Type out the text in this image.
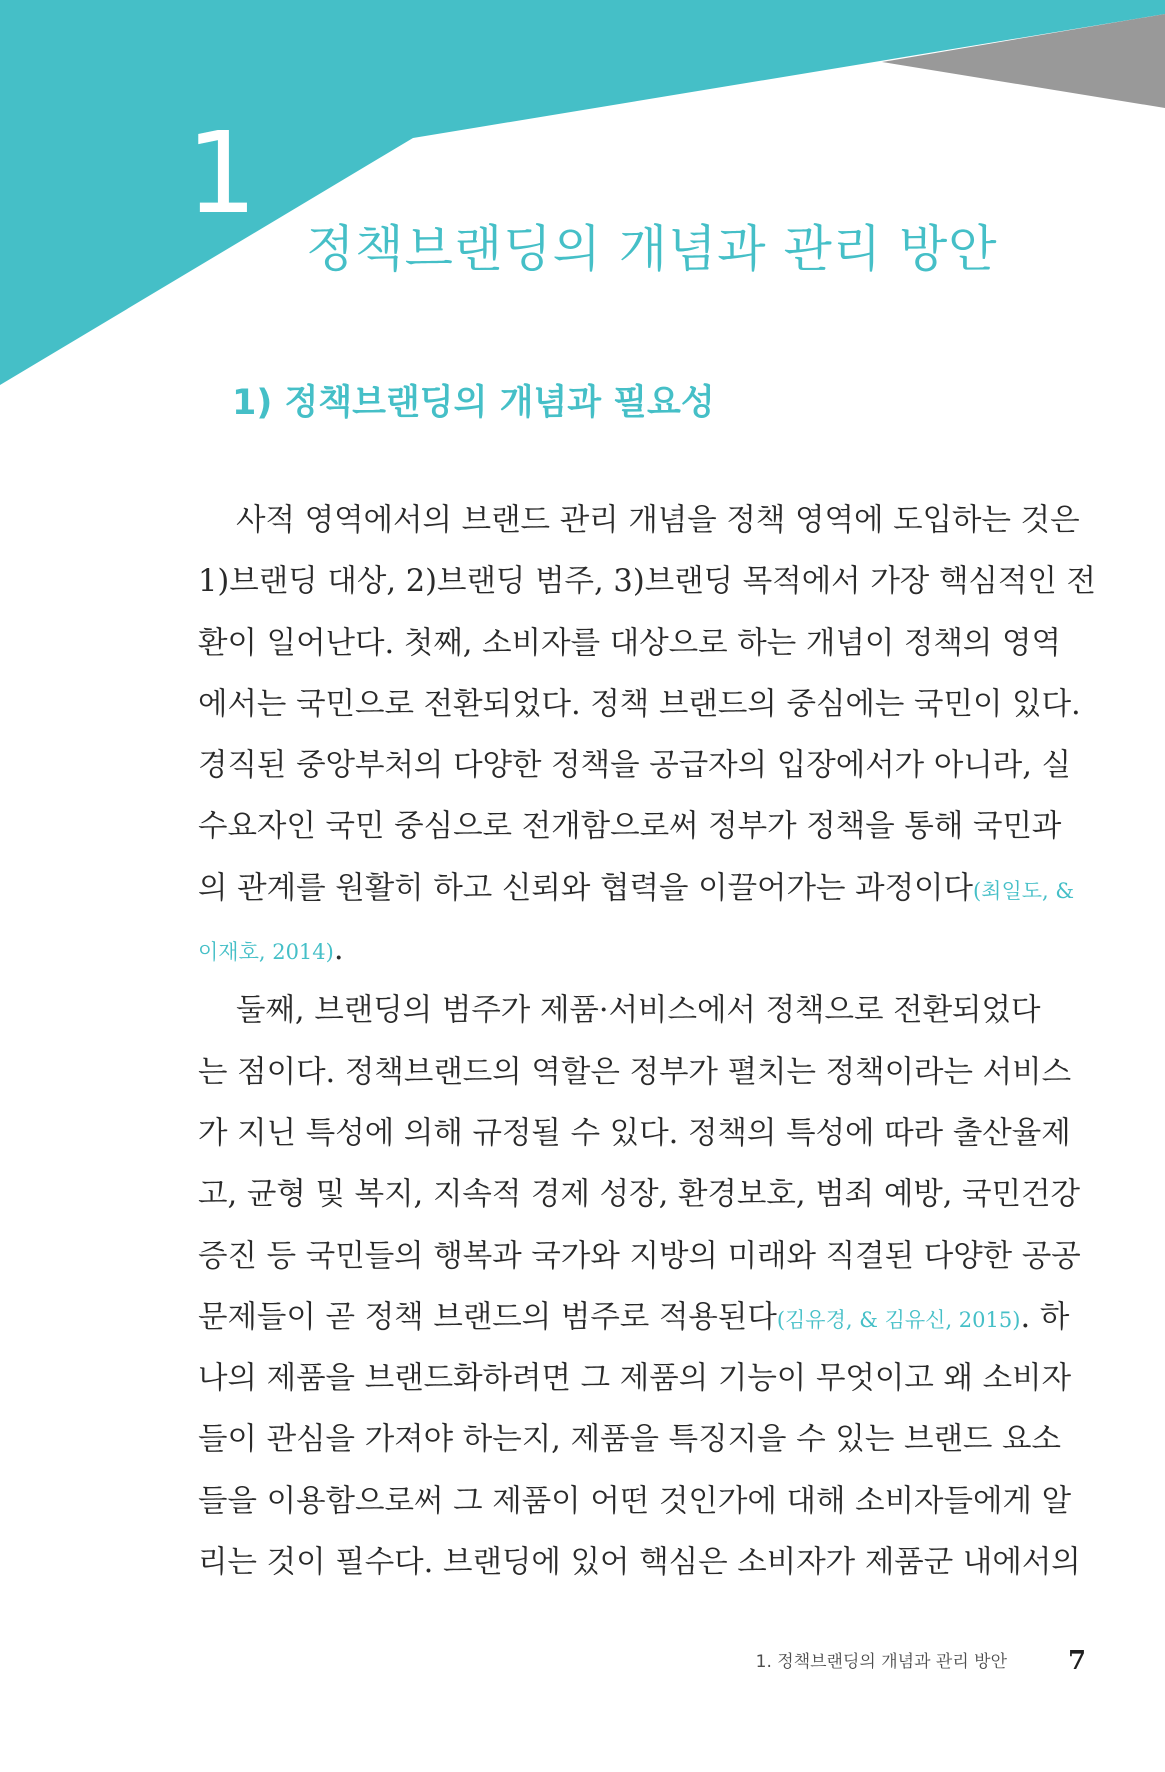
1
정책브랜딩의 개념과 관리 방안
1) 정책브랜딩의 개념과 필요성
사적 영역에서의 브랜드 관리 개념을 정책 영역에 도입하는 것은
1)브랜딩 대상, 2)브랜딩 범주, 3)브랜딩 목적에서 가장 핵심적인 전
환이 일어난다. 첫째, 소비자를 대상으로 하는 개념이 정책의 영역
에서는 국민으로 전환되었다. 정책 브랜드의 중심에는 국민이 있다.
경직된 중앙부처의 다양한 정책을 공급자의 입장에서가 아니라, 실
수요자인 국민 중심으로 전개함으로써 정부가 정책을 통해 국민과
의 관계를 원활히 하고 신뢰와 협력을 이끌어가는 과정이다(최일도, &
이재호, 2014).
둘째, 브랜딩의 범주가 제품·서비스에서 정책으로 전환되었다
는 점이다. 정책브랜드의 역할은 정부가 펼치는 정책이라는 서비스
가 지닌 특성에 의해 규정될 수 있다. 정책의 특성에 따라 출산율제
고, 균형 및 복지, 지속적 경제 성장, 환경보호, 범죄 예방, 국민건강
증진 등 국민들의 행복과 국가와 지방의 미래와 직결된 다양한 공공
문제들이 곧 정책 브랜드의 범주로 적용된다(김유경, & 김유신, 2015). 하
나의 제품을 브랜드화하려면 그 제품의 기능이 무엇이고 왜 소비자
들이 관심을 가져야 하는지, 제품을 특징지을 수 있는 브랜드 요소
들을 이용함으로써 그 제품이 어떤 것인가에 대해 소비자들에게 알
리는 것이 필수다. 브랜딩에 있어 핵심은 소비자가 제품군 내에서의
1. 정책브랜딩의 개념과 관리 방안 7
